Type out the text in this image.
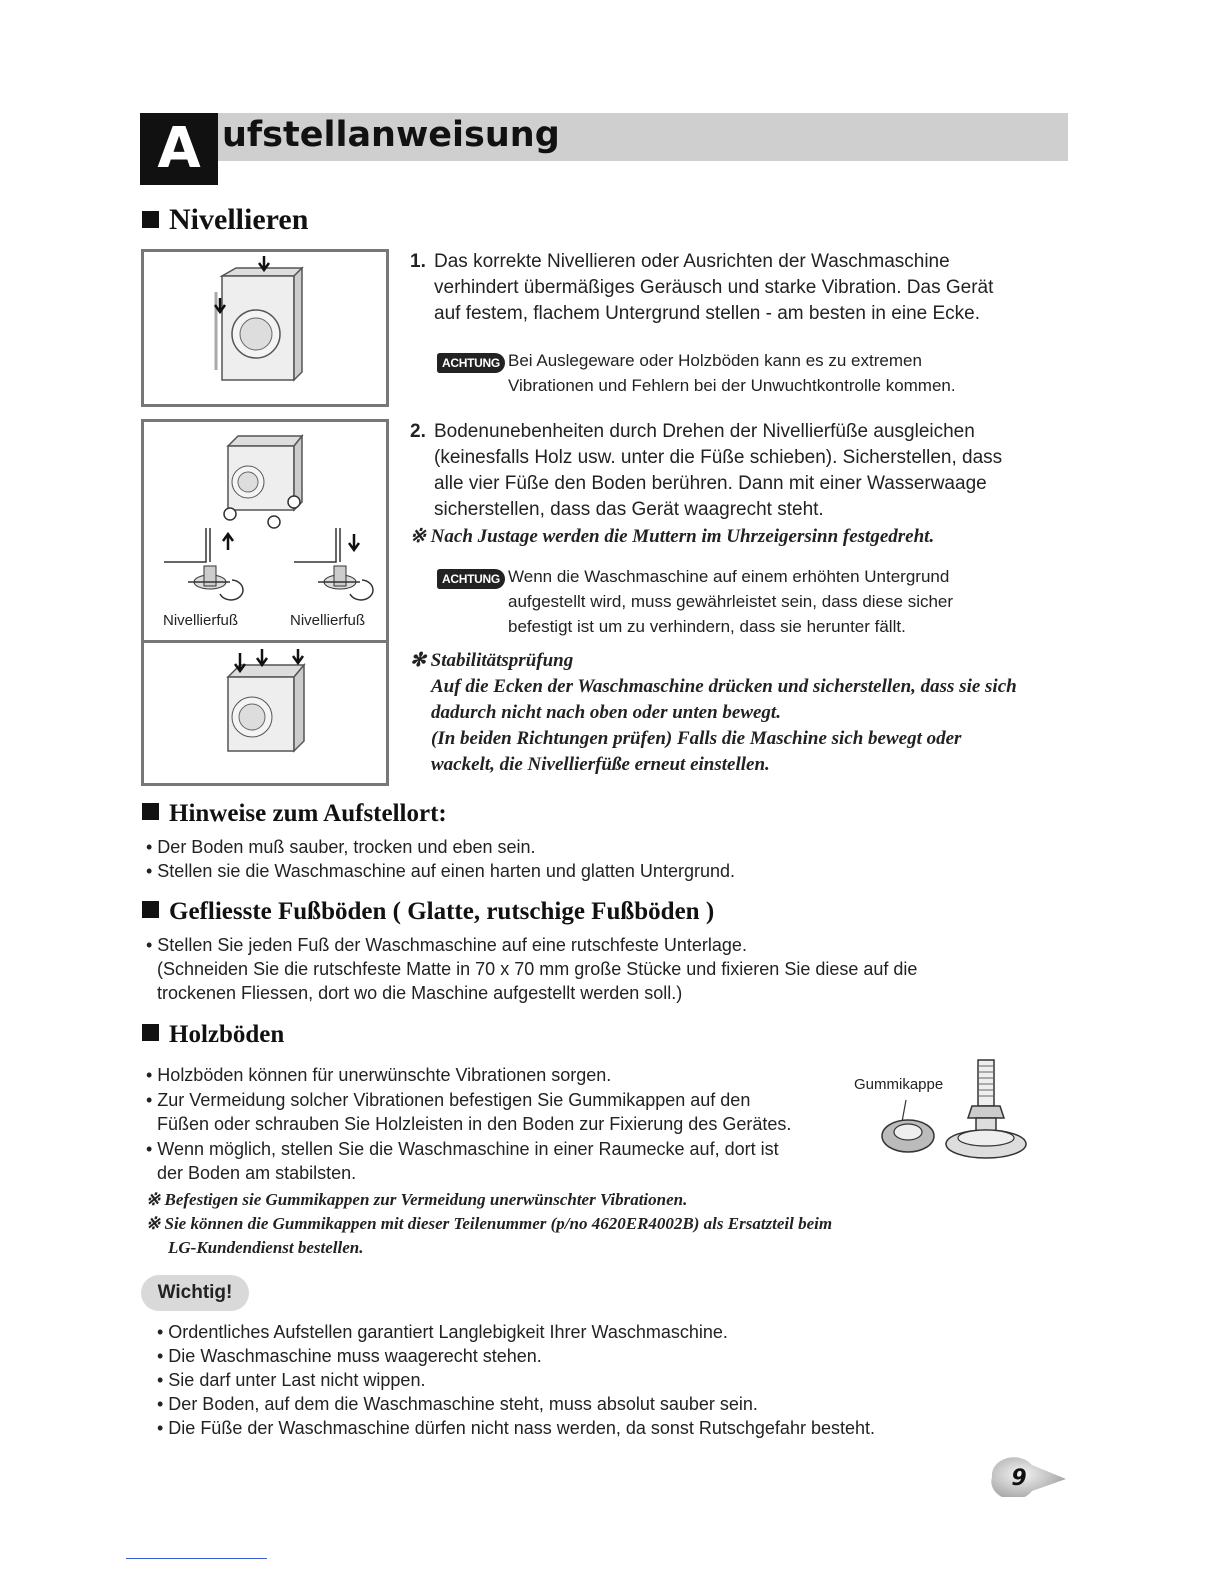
A ufstellanweisung
Nivellieren
Nivellierfuß	Nivellierfuß
1. Das korrekte Nivellieren oder Ausrichten der Waschmaschine
verhindert übermäßiges Geräusch und starke Vibration. Das Gerät
auf festem, flachem Untergrund stellen - am besten in eine Ecke.
ACHTUNG Bei Auslegeware oder Holzböden kann es zu extremen
Vibrationen und Fehlern bei der Unwuchtkontrolle kommen.
2. Bodenunebenheiten durch Drehen der Nivellierfüße ausgleichen
(keinesfalls Holz usw. unter die Füße schieben). Sicherstellen, dass
alle vier Füße den Boden berühren. Dann mit einer Wasserwaage
sicherstellen, dass das Gerät waagrecht steht.
※ Nach Justage werden die Muttern im Uhrzeigersinn festgedreht.
ACHTUNG Wenn die Waschmaschine auf einem erhöhten Untergrund
aufgestellt wird, muss gewährleistet sein, dass diese sicher
befestigt ist um zu verhindern, dass sie herunter fällt.
✻ Stabilitätsprüfung
Auf die Ecken der Waschmaschine drücken und sicherstellen, dass sie sich
dadurch nicht nach oben oder unten bewegt.
(In beiden Richtungen prüfen) Falls die Maschine sich bewegt oder
wackelt, die Nivellierfüße erneut einstellen.
Hinweise zum Aufstellort:
• Der Boden muß sauber, trocken und eben sein.
• Stellen sie die Waschmaschine auf einen harten und glatten Untergrund.
Gefliesste Fußböden ( Glatte, rutschige Fußböden )
• Stellen Sie jeden Fuß der Waschmaschine auf eine rutschfeste Unterlage.
(Schneiden Sie die rutschfeste Matte in 70 x 70 mm große Stücke und fixieren Sie diese auf die
trockenen Fliessen, dort wo die Maschine aufgestellt werden soll.)
Holzböden
• Holzböden können für unerwünschte Vibrationen sorgen.
• Zur Vermeidung solcher Vibrationen befestigen Sie Gummikappen auf den
Füßen oder schrauben Sie Holzleisten in den Boden zur Fixierung des Gerätes.
• Wenn möglich, stellen Sie die Waschmaschine in einer Raumecke auf, dort ist
der Boden am stabilsten.
Gummikappe
※ Befestigen sie Gummikappen zur Vermeidung unerwünschter Vibrationen.
※ Sie können die Gummikappen mit dieser Teilenummer (p/no 4620ER4002B) als Ersatzteil beim
LG-Kundendienst bestellen.
Wichtig!
• Ordentliches Aufstellen garantiert Langlebigkeit Ihrer Waschmaschine.
• Die Waschmaschine muss waagerecht stehen.
• Sie darf unter Last nicht wippen.
• Der Boden, auf dem die Waschmaschine steht, muss absolut sauber sein.
• Die Füße der Waschmaschine dürfen nicht nass werden, da sonst Rutschgefahr besteht.
9
